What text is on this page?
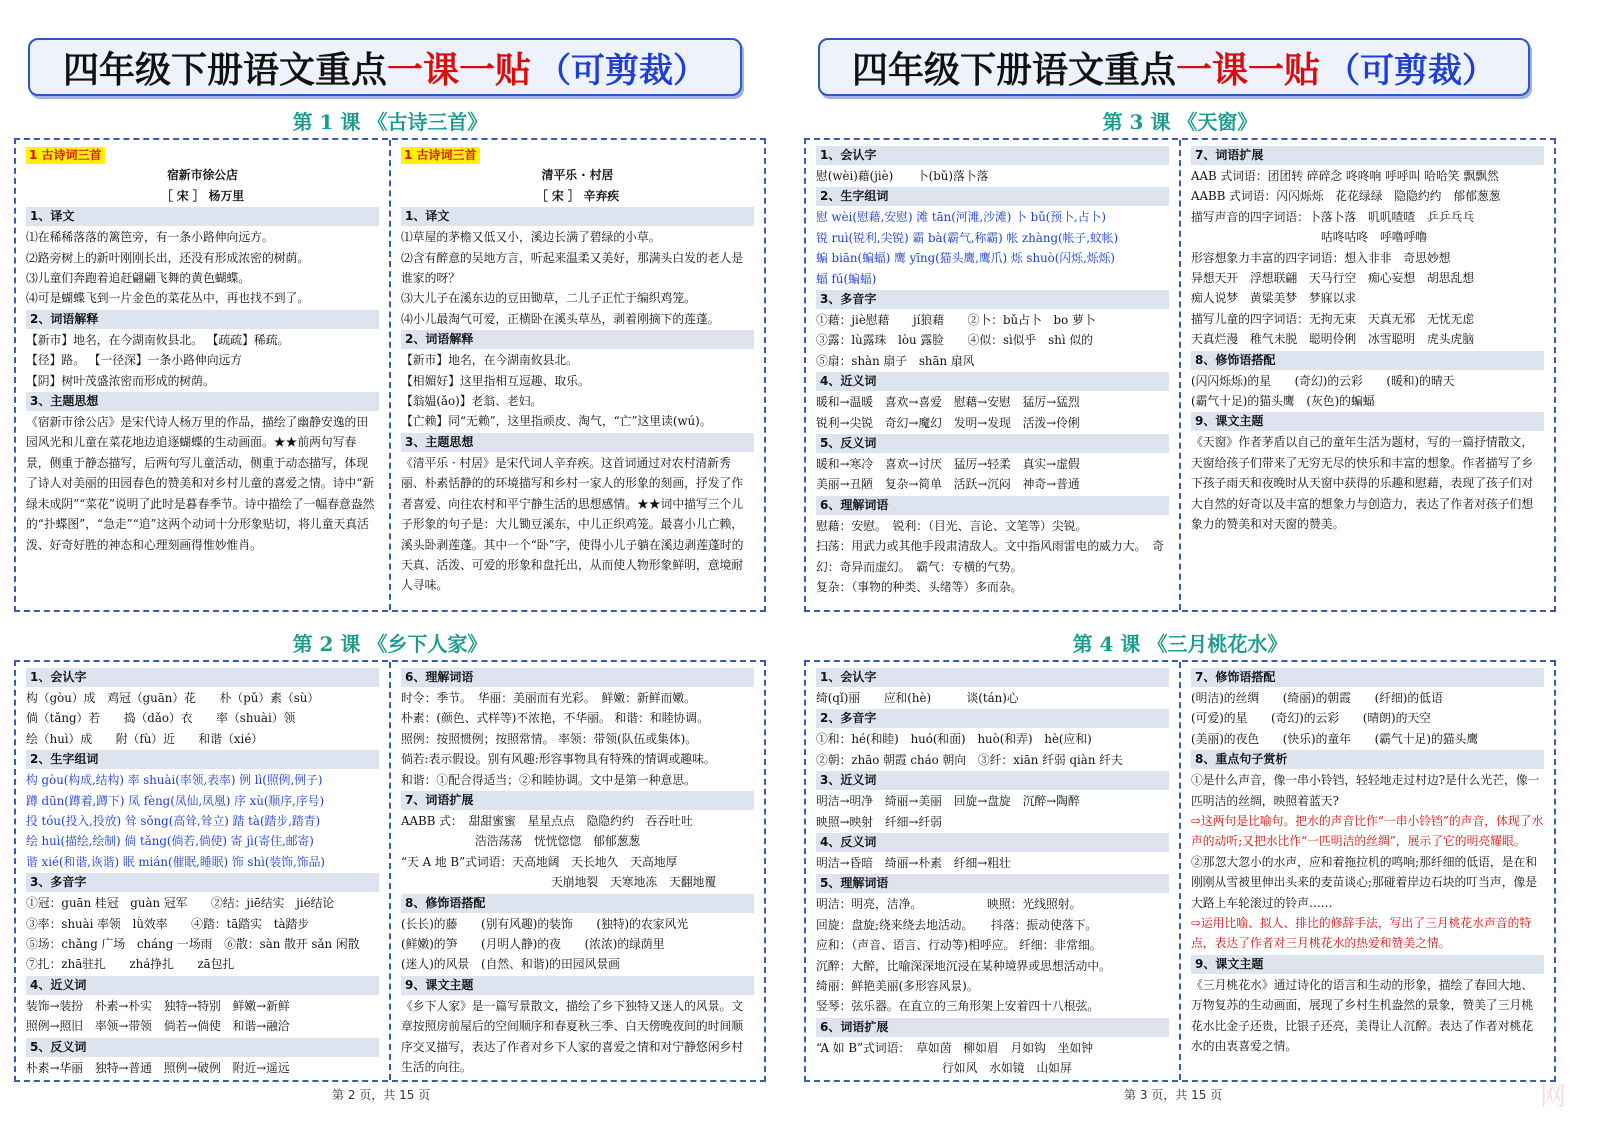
四年级下册语文重点 一课一贴 （可剪裁）	四年级下册语文重点 一课一贴 （可剪裁）
第 1 课 《古诗三首》	第 3 课 《天窗》
第 2 课 《乡下人家》	第 4 课 《三月桃花水》
1 古诗词三首
宿新市徐公店
［ 宋 ］ 杨万里
1、译文
⑴在稀稀落落的篱笆旁，有一条小路伸向远方。
⑵路旁树上的新叶刚刚长出，还没有形成浓密的树荫。
⑶儿童们奔跑着追赶翩翩飞舞的黄色蝴蝶。
⑷可是蝴蝶飞到一片金色的菜花丛中，再也找不到了。
2、词语解释
【新市】地名，在今湖南攸县北。 【疏疏】稀疏。
【径】路。 【一径深】一条小路伸向远方
【阴】树叶茂盛浓密而形成的树荫。
3、主题思想
《宿新市徐公店》是宋代诗人杨万里的作品，描绘了幽静安逸的田园风光和儿童在菜花地边追逐蝴蝶的生动画面。★★前两句写春景，侧重于静态描写，后两句写儿童活动，侧重于动态描写，体现了诗人对美丽的田园春色的赞美和对乡村儿童的喜爱之情。诗中“新绿未成阴”“菜花”说明了此时是暮春季节。诗中描绘了一幅春意盎然的“扑蝶图”，“急走”“追”这两个动词十分形象贴切，将儿童天真活泼、好奇好胜的神态和心理刻画得惟妙惟肖。
1 古诗词三首
清平乐 · 村居
［ 宋 ］ 辛弃疾
1、译文
⑴草屋的茅檐又低又小，溪边长满了碧绿的小草。
⑵含有醉意的吴地方言，听起来温柔又美好，那满头白发的老人是谁家的呀？
⑶大儿子在溪东边的豆田锄草，二儿子正忙于编织鸡笼。
⑷小儿最淘气可爱，正横卧在溪头草丛，剥着刚摘下的莲蓬。
2、词语解释
【新市】地名，在今湖南攸县北。
【相媚好】这里指相互逗趣、取乐。
【翁媪(ǎo)】老翁、老妇。
【亡赖】同“无赖”，这里指顽皮、淘气，“亡”这里读(wú)。
3、主题思想
《清平乐 · 村居》是宋代词人辛弃疾。这首词通过对农村清新秀丽、朴素恬静的的环境描写和乡村一家人的形象的刻画，抒发了作者喜爱、向往农村和平宁静生活的思想感情。★★词中描写三个儿子形象的句子是：大儿锄豆溪东，中儿正织鸡笼。最喜小儿亡赖，溪头卧剥莲蓬。其中一个“卧”字，使得小儿子躺在溪边剥莲蓬时的天真、活泼、可爱的形象和盘托出，从而使人物形象鲜明，意境耐人寻味。
1、会认字
慰(wèi)藉(jiè)　　卜(bǔ)落卜落
2、生字组词
慰 wèi(慰藉,安慰) 滩 tān(河滩,沙滩) 卜 bǔ(预卜,占卜)
锐 ruì(锐利,尖锐) 霸 bà(霸气,称霸) 帐 zhàng(帐子,蚊帐)
蝙 biān(蝙蝠) 鹰 yīng(猫头鹰,鹰爪) 烁 shuò(闪烁,烁烁)
蝠 fú(蝙蝠)
3、多音字
①藉：jiè慰藉　　jí狼藉　　②卜：bǔ占卜　bo 萝卜
③露：lù露珠　lòu 露脸　　④似：sì似乎　shì 似的
⑤扇：shàn 扇子　shān 扇风
4、近义词
暖和→温暖　喜欢→喜爱　慰藉→安慰　猛厉→猛烈
锐利→尖锐　奇幻→魔幻　发明→发现　活泼→伶俐
5、反义词
暖和→寒冷　喜欢→讨厌　猛厉→轻柔　真实→虚假
美丽→丑陋　复杂→简单　活跃→沉闷　神奇→普通
6、理解词语
慰藉：安慰。　锐利：（目光、言论、文笔等）尖锐。
扫荡：用武力或其他手段肃清敌人。文中指风雨雷电的威力大。　奇幻：奇异而虚幻。　霸气：专横的气势。
复杂：（事物的种类、头绪等）多而杂。
7、词语扩展
AAB 式词语：团团转 碎碎念 咚咚响 呼呼叫 哈哈笑 飘飘然
AABB 式词语：闪闪烁烁　花花绿绿　隐隐约约　郁郁葱葱
描写声音的四字词语：卜落卜落　叽叽喳喳　乒乒乓乓
咕咚咕咚　呼噜呼噜
形容想象力丰富的四字词语：想入非非　奇思妙想
异想天开　浮想联翩　天马行空　痴心妄想　胡思乱想
痴人说梦　黄粱美梦　梦寐以求
描写儿童的四字词语：无拘无束　天真无邪　无忧无虑
天真烂漫　稚气未脱　聪明伶俐　冰雪聪明　虎头虎脑
8、修饰语搭配
(闪闪烁烁)的星　　(奇幻)的云彩　　(暖和)的晴天
(霸气十足)的猫头鹰　(灰色)的蝙蝠
9、课文主题
《天窗》作者茅盾以自己的童年生活为题材，写的一篇抒情散文，天窗给孩子们带来了无穷无尽的快乐和丰富的想象。作者描写了乡下孩子雨天和夜晚时从天窗中获得的乐趣和慰藉，表现了孩子们对大自然的好奇以及丰富的想象力与创造力，表达了作者对孩子们想象力的赞美和对天窗的赞美。
1、会认字
构（gòu）成　鸡冠（guān）花　　朴（pǔ）素（sù）
倘（tǎng）若　　捣（dǎo）衣　　率（shuài）领
绘（huì）成　　附（fù）近　　和谐（xié）
2、生字组词
构 gòu(构成,结构) 率 shuài(率领,表率) 例 lì(照例,例子)
蹲 dūn(蹲着,蹲下) 凤 fèng(凤仙,凤凰) 序 xù(顺序,序号)
投 tóu(投入,投放) 耸 sǒng(高耸,耸立) 踏 tà(踏步,踏青)
绘 huì(描绘,绘制) 倘 tǎng(倘若,倘使) 寄 jì(寄住,邮寄)
谐 xié(和谐,诙谐) 眠 mián(催眠,睡眠) 饰 shì(装饰,饰品)
3、多音字
①冠：guān 桂冠　guàn 冠军　　②结：jiē结实　jié结论
③率：shuài 率领　lǜ效率　　④踏：tā踏实　tà踏步
⑤场：chǎng 广场　cháng 一场雨　⑥散：sàn 散开 sǎn 闲散
⑦扎：zhā驻扎　　zhá挣扎　　zā包扎
4、近义词
装饰→装扮　朴素→朴实　独特→特别　鲜嫩→新鲜
照例→照旧　率领→带领　倘若→倘使　和谐→融洽
5、反义词
朴素→华丽　独特→普通　照例→破例　附近→遥远
6、理解词语
时令：季节。　华丽：美丽而有光彩。　鲜嫩：新鲜而嫩。
朴素：(颜色、式样等)不浓艳，不华丽。 和谐：和睦协调。
照例：按照惯例；按照常情。 率领：带领(队伍或集体)。
倘若:表示假设。别有风趣:形容事物具有特殊的情调或趣味。
和谐：①配合得适当；②和睦协调。文中是第一种意思。
7、词语扩展
AABB 式：　甜甜蜜蜜　星星点点　隐隐约约　吞吞吐吐
浩浩荡荡　恍恍惚惚　郁郁葱葱
“天 A 地 B”式词语：天高地阔　天长地久　天高地厚
天崩地裂　天寒地冻　天翻地覆
8、修饰语搭配
(长长)的藤　　(别有风趣)的装饰　　(独特)的农家风光
(鲜嫩)的笋　　(月明人静)的夜　　(浓浓)的绿荫里
(迷人)的风景　(自然、和谐)的田园风景画
9、课文主题
《乡下人家》是一篇写景散文，描绘了乡下独特又迷人的风景。文章按照房前屋后的空间顺序和春夏秋三季、白天傍晚夜间的时间顺序交叉描写，表达了作者对乡下人家的喜爱之情和对宁静悠闲乡村生活的向往。
1、会认字
绮(qǐ)丽　　应和(hè)　　　谈(tán)心
2、多音字
①和：hé(和睦)　huó(和面)　huò(和弄)　hè(应和)
②朝：zhāo 朝霞 cháo 朝向　③纤：xiān 纤弱 qiàn 纤夫
3、近义词
明洁→明净　绮丽→美丽　回旋→盘旋　沉醉→陶醉
映照→映射　纤细→纤弱
4、反义词
明洁→昏暗　绮丽→朴素　纤细→粗壮
5、理解词语
明洁：明亮，洁净。　　　　　　映照：光线照射。
回旋：盘旋;绕来绕去地活动。　　抖落：振动使落下。
应和：（声音、语言、行动等)相呼应。 纤细：非常细。
沉醉：大醉，比喻深深地沉浸在某种境界或思想活动中。
绮丽：鲜艳美丽(多形容风景)。
竖琴：弦乐器。在直立的三角形架上安着四十八根弦。
6、词语扩展
“A 如 B”式词语：　草如茵　柳如眉　月如钩　坐如钟
行如风　水如镜　山如屏
7、修饰语搭配
(明洁)的丝绸　　(绮丽)的朝霞　　(纤细)的低语
(可爱)的星　　(奇幻)的云彩　　(晴朗)的天空
(美丽)的夜色　　(快乐)的童年　　(霸气十足)的猫头鹰
8、重点句子赏析
①是什么声音，像一串小铃铛，轻轻地走过村边?是什么光芒，像一匹明洁的丝绸，映照着蓝天?
⇨这两句是比喻句。把水的声音比作“一串小铃铛”的声音，体现了水声的动听;又把水比作“一匹明洁的丝绸”，展示了它的明亮耀眼。
②那忽大忽小的水声，应和着拖拉机的鸣响;那纤细的低语，是在和刚刚从雪被里伸出头来的麦苗谈心;那碰着岸边石块的叮当声，像是大路上车轮滚过的铃声……
⇨运用比喻、拟人、排比的修辞手法，写出了三月桃花水声音的特点，表达了作者对三月桃花水的热爱和赞美之情。
9、课文主题
《三月桃花水》通过诗化的语言和生动的形象，描绘了春回大地、万物复苏的生动画面，展现了乡村生机盎然的景象，赞美了三月桃花水比金子还贵，比银子还亮，美得让人沉醉。表达了作者对桃花水的由衷喜爱之情。
第 2 页，共 15 页	第 3 页，共 15 页	网
